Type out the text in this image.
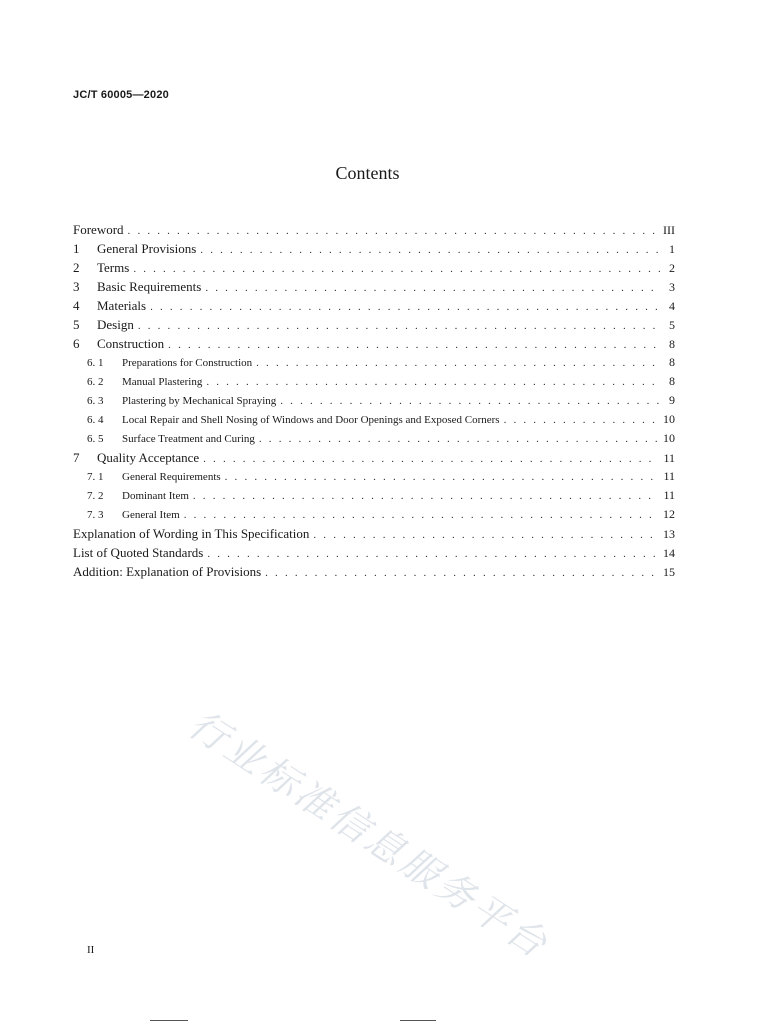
JC/T 60005—2020
Contents
Foreword . . .	III
1	General Provisions . . .	1
2	Terms . . .	2
3	Basic Requirements . . .	3
4	Materials . . .	4
5	Design . . .	5
6	Construction . . .	8
6. 1	Preparations for Construction . . .	8
6. 2	Manual Plastering . . .	8
6. 3	Plastering by Mechanical Spraying . . .	9
6. 4	Local Repair and Shell Nosing of Windows and Door Openings and Exposed Corners . . .	10
6. 5	Surface Treatment and Curing . . .	10
7	Quality Acceptance . . .	11
7. 1	General Requirements . . .	11
7. 2	Dominant Item . . .	11
7. 3	General Item . . .	12
Explanation of Wording in This Specification . . .	13
List of Quoted Standards . . .	14
Addition: Explanation of Provisions . . .	15
行业标准信息服务平台
II
